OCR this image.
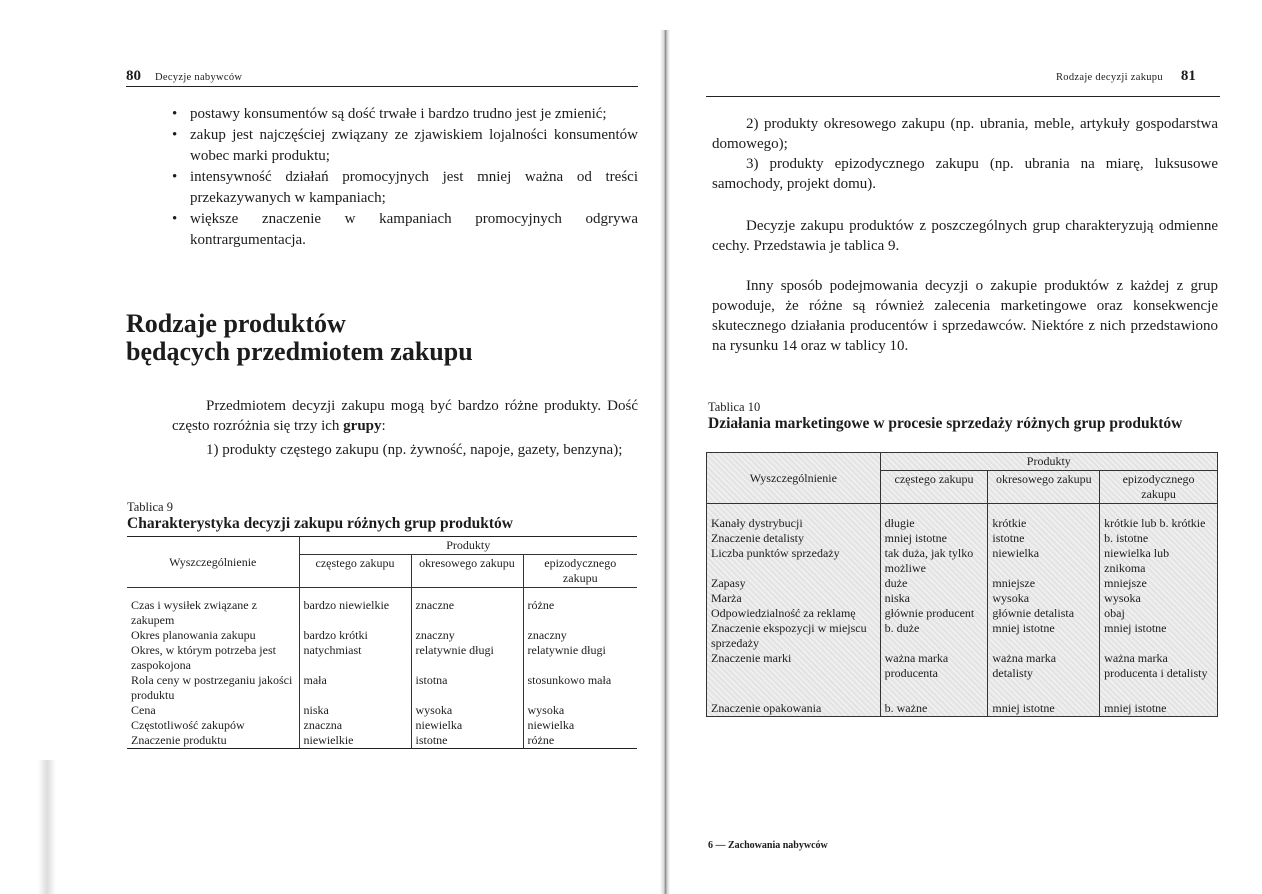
80 Decyzje nabywców
• postawy konsumentów są dość trwałe i bardzo trudno jest je zmienić;
• zakup jest najczęściej związany ze zjawiskiem lojalności konsumentów wobec marki produktu;
• intensywność działań promocyjnych jest mniej ważna od treści przekazywanych w kampaniach;
• większe znaczenie w kampaniach promocyjnych odgrywa kontrargumentacja.
Rodzaje produktów
będących przedmiotem zakupu

Przedmiotem decyzji zakupu mogą być bardzo różne produkty. Dość często rozróżnia się trzy ich grupy:

1) produkty częstego zakupu (np. żywność, napoje, gazety, benzyna);

Tablica 9
Charakterystyka decyzji zakupu różnych grup produktów
Wyszczególnienie	Produkty		
	częstego zakupu	okresowego zakupu	epizodycznego zakupu

Czas i wysiłek związane z zakupem	bardzo niewielkie	znaczne	różne
Okres planowania zakupu	bardzo krótki	znaczny	znaczny
Okres, w którym potrzeba jest zaspokojona	natychmiast	relatywnie długi	relatywnie długi
Rola ceny w postrzeganiu jakości produktu	mała	istotna	stosunkowo mała
Cena	niska	wysoka	wysoka
Częstotliwość zakupów	znaczna	niewielka	niewielka
Znaczenie produktu	niewielkie	istotne	różne
Rodzaje decyzji zakupu 81

2) produkty okresowego zakupu (np. ubrania, meble, artykuły gospodarstwa domowego);

3) produkty epizodycznego zakupu (np. ubrania na miarę, luksusowe samochody, projekt domu).

Decyzje zakupu produktów z poszczególnych grup charakteryzują odmienne cechy. Przedstawia je tablica 9.

Inny sposób podejmowania decyzji o zakupie produktów z każdej z grup powoduje, że różne są również zalecenia marketingowe oraz konsekwencje skutecznego działania producentów i sprzedawców. Niektóre z nich przedstawiono na rysunku 14 oraz w tablicy 10.

Tablica 10
Działania marketingowe w procesie sprzedaży różnych grup produktów
6 — Zachowania nabywców
Wyszczególnienie	Produkty		
	częstego zakupu	okresowego zakupu	epizodycznego zakupu

Kanały dystrybucji	długie	krótkie	krótkie lub b. krótkie
Znaczenie detalisty	mniej istotne	istotne	b. istotne
Liczba punktów sprzedaży	tak duża, jak tylko możliwe	niewielka	niewielka lub znikoma
Zapasy	duże	mniejsze	mniejsze
Marża	niska	wysoka	wysoka
Odpowiedzialność za reklamę	głównie producent	głównie detalista	obaj
Znaczenie ekspozycji w miejscu sprzedaży	b. duże	mniej istotne	mniej istotne
Znaczenie marki	ważna marka producenta	ważna marka detalisty	ważna marka producenta i detalisty
Znaczenie opakowania	b. ważne	mniej istotne	mniej istotne
